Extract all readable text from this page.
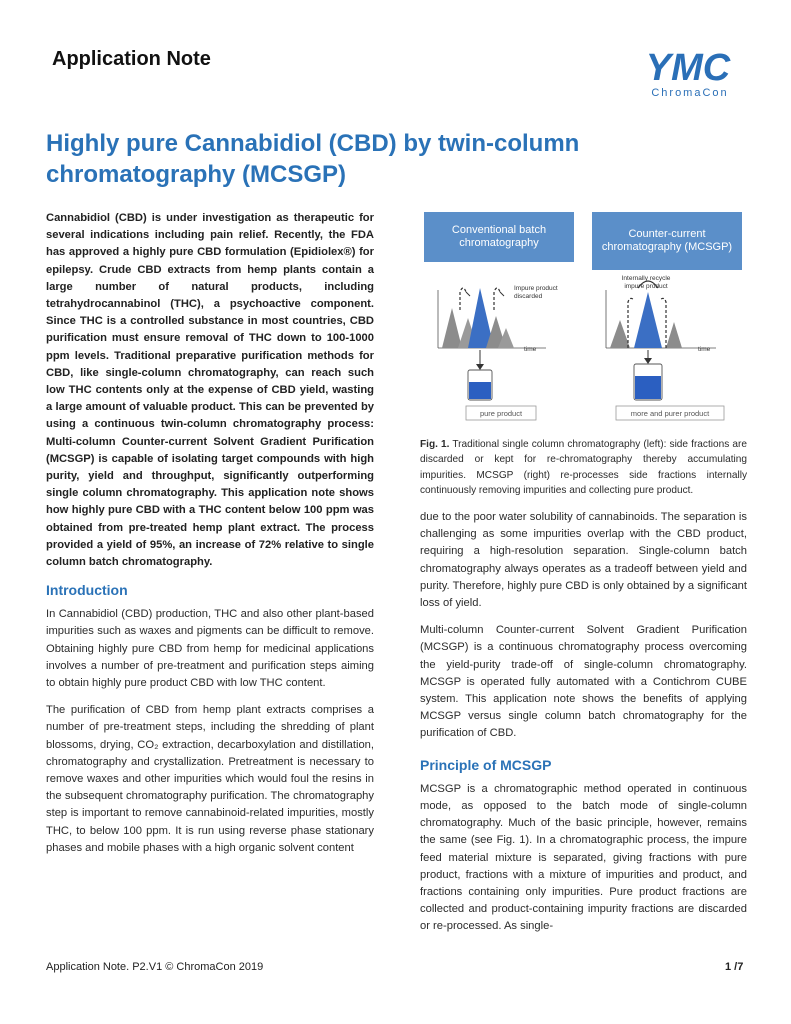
Application Note	YMC
ChromaCon
Highly pure Cannabidiol (CBD) by twin-column chromatography (MCSGP)
Cannabidiol (CBD) is under investigation as therapeutic for several indications including pain relief. Recently, the FDA has approved a highly pure CBD formulation (Epidiolex®) for epilepsy. Crude CBD extracts from hemp plants contain a large number of natural products, including tetrahydrocannabinol (THC), a psychoactive component. Since THC is a controlled substance in most countries, CBD purification must ensure removal of THC down to 100-1000 ppm levels. Traditional preparative purification methods for CBD, like single-column chromatography, can reach such low THC contents only at the expense of CBD yield, wasting a large amount of valuable product. This can be prevented by using a continuous twin-column chromatography process: Multi-column Counter-current Solvent Gradient Purification (MCSGP) is capable of isolating target compounds with high purity, yield and throughput, significantly outperforming single column chromatography. This application note shows how highly pure CBD with a THC content below 100 ppm was obtained from pre-treated hemp plant extract. The process provided a yield of 95%, an increase of 72% relative to single column batch chromatography.
Introduction

In Cannabidiol (CBD) production, THC and also other plant-based impurities such as waxes and pigments can be difficult to remove. Obtaining highly pure CBD from hemp for medicinal applications involves a number of pre-treatment and purification steps aiming to obtain highly pure product CBD with low THC content.

The purification of CBD from hemp plant extracts comprises a number of pre-treatment steps, including the shredding of plant blossoms, drying, CO₂ extraction, decarboxylation and distillation, chromatography and crystallization. Pretreatment is necessary to remove waxes and other impurities which would foul the resins in the subsequent chromatography purification. The chromatography step is important to remove cannabinoid-related impurities, mostly THC, to below 100 ppm. It is run using reverse phase stationary phases and mobile phases with a high organic solvent content

Conventional batch chromatography
Counter-current chromatography (MCSGP)
Impure product
discarded
time
pure product
Internally recycle
impure product
time
more and purer product
Fig. 1. Traditional single column chromatography (left): side fractions are discarded or kept for re-chromatography thereby accumulating impurities. MCSGP (right) re-processes side fractions internally continuously removing impurities and collecting pure product.

due to the poor water solubility of cannabinoids. The separation is challenging as some impurities overlap with the CBD product, requiring a high-resolution separation. Single-column batch chromatography always operates as a tradeoff between yield and purity. Therefore, highly pure CBD is only obtained by a significant loss of yield.

Multi-column Counter-current Solvent Gradient Purification (MCSGP) is a continuous chromatography process overcoming the yield-purity trade-off of single-column chromatography. MCSGP is operated fully automated with a Contichrom CUBE system. This application note shows the benefits of applying MCSGP versus single column batch chromatography for the purification of CBD.

Principle of MCSGP

MCSGP is a chromatographic method operated in continuous mode, as opposed to the batch mode of single-column chromatography. Much of the basic principle, however, remains the same (see Fig. 1). In a chromatographic process, the impure feed material mixture is separated, giving fractions with pure product, fractions with a mixture of impurities and product, and fractions containing only impurities. Pure product fractions are collected and product-containing impurity fractions are discarded or re-processed. As single-

Application Note. P2.V1 © ChromaCon 2019	1 /7
